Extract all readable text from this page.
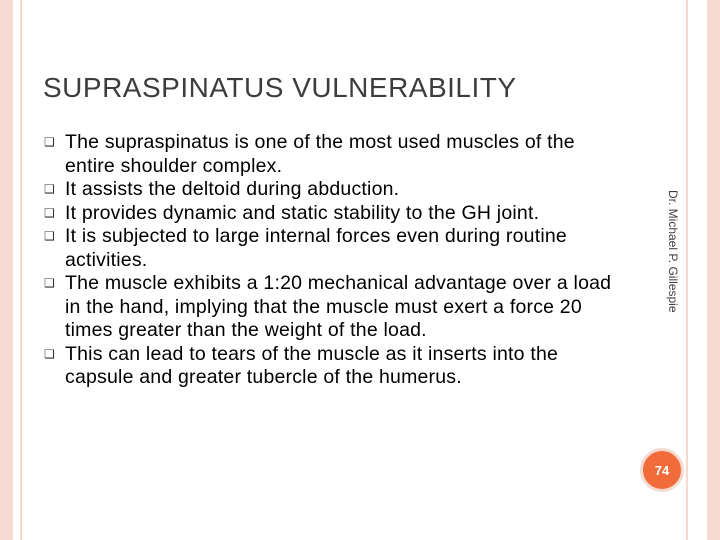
SUPRASPINATUS VULNERABILITY
❑ The supraspinatus is one of the most used muscles of the entire shoulder complex.
❑ It assists the deltoid during abduction.
❑ It provides dynamic and static stability to the GH joint.
❑ It is subjected to large internal forces even during routine activities.
❑ The muscle exhibits a 1:20 mechanical advantage over a load in the hand, implying that the muscle must exert a force 20 times greater than the weight of the load.
❑ This can lead to tears of the muscle as it inserts into the capsule and greater tubercle of the humerus.
Dr. Michael P. Gillespie
74
